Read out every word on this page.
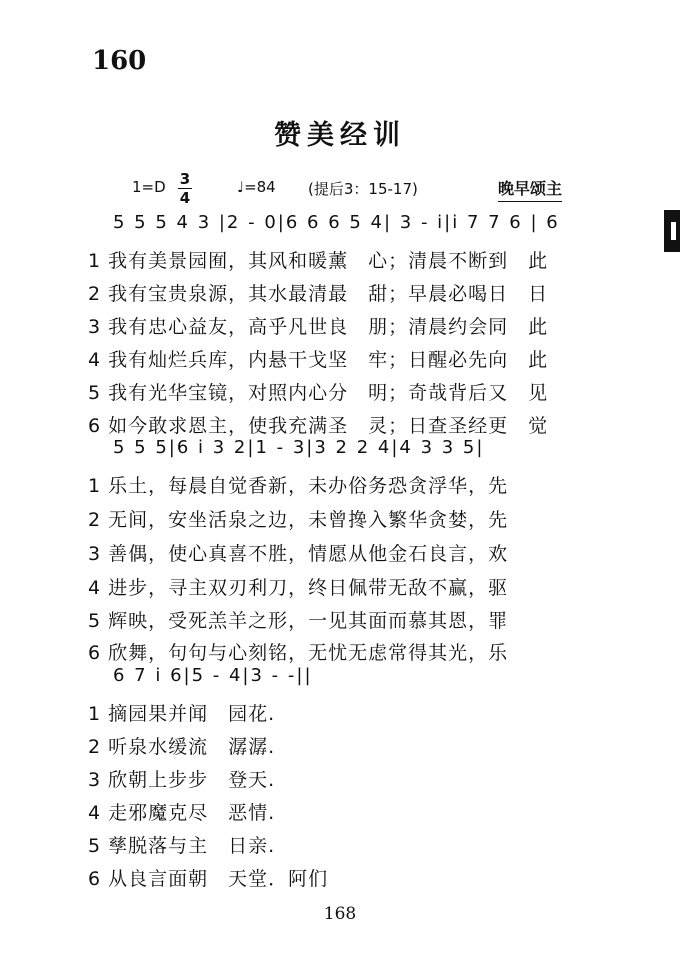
160
赞美经训
1=D 3
4
♩=84 (提后3：15-17)	晚早颂主
5 5 5 4 3 |2 - 0|6 6 6 5 4| 3 - i|i 7 7 6 | 6
1 我有美景园囿，其风和暖薰　心；清晨不断到　此
2 我有宝贵泉源，其水最清最　甜；早晨必喝日　日
3 我有忠心益友，高乎凡世良　朋；清晨约会同　此
4 我有灿烂兵库，内悬干戈坚　牢；日醒必先向　此
5 我有光华宝镜，对照内心分　明；奇哉背后又　见
6 如今敢求恩主，使我充满圣　灵；日查圣经更　觉
5 5 5|6 i 3 2|1 - 3|3 2 2 4|4 3 3 5|
1 乐土，每晨自觉香新，未办俗务恐贪浮华，先
2 无间，安坐活泉之边，未曾搀入繁华贪婪，先
3 善偶，使心真喜不胜，情愿从他金石良言，欢
4 进步，寻主双刃利刀，终日佩带无敌不赢，驱
5 辉映，受死羔羊之形，一见其面而慕其恩，罪
6 欣舞，句句与心刻铭，无忧无虑常得其光，乐
6 7 i 6|5 - 4|3 - -||
1 摘园果并闻　园花.
2 听泉水缓流　潺潺.
3 欣朝上步步　登天.
4 走邪魔克尽　恶情.
5 孳脱落与主　日亲.
6 从良言面朝　天堂．阿们
168
